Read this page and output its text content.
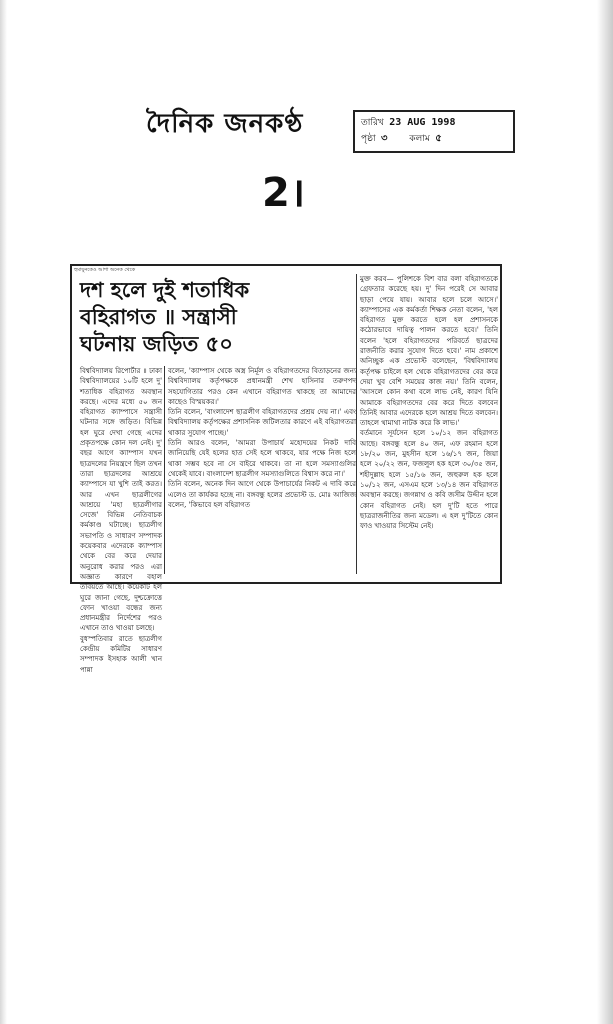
দৈনিক জনকণ্ঠ	তারিখ 23 AUG 1998
পৃষ্ঠা ৩ কলাম ৫
2।
হুমায়ুনকেও আশা অনেক থেকে
দশ হলে দুই শতাধিক
বহিরাগত ॥ সন্ত্রাসী
ঘটনায় জড়িত ৫০
বিশ্ববিদ্যালয় রিপোর্টার ॥ ঢাকা বিশ্ববিদ্যালয়ের ১০টি হলে দু' শতাধিক বহিরাগত অবস্থান করছে। এদের মধ্যে ৫০ জন বহিরাগত ক্যাম্পাসে সন্ত্রাসী ঘটনার সঙ্গে জড়িত। বিভিন্ন হল ঘুরে দেখা গেছে এদের প্রকৃতপক্ষে কোন দল নেই। দু' বছর আগে ক্যাম্পাস যখন ছাত্রদলের নিয়ন্ত্রণে ছিল তখন তারা ছাত্রদলের আশ্রয়ে ক্যাম্পাসে যা খুশি তাই করত। আর এখন ছাত্রলীগের আশ্রয়ে 'মহা ছাত্রলীগার সেজে' বিভিন্ন নেতিবাচক কর্মকাণ্ড ঘটাচ্ছে। ছাত্রলীগ সভাপতি ও সাধারণ সম্পাদক কয়েকবার এদেরকে ক্যাম্পাস থেকে বের করে দেয়ার অনুরোধ করার পরও এরা অজ্ঞাত কারণে বহাল তবিয়তে আছে। কয়েকটি হল ঘুরে জানা গেছে, দুশ্চক্রোত্তে ফোন খাওয়া বন্ধের জন্য প্রধানমন্ত্রীর নির্দেশের পরও এখানে তাও খাওয়া চলছে।
বুধস্পতিবার রাতে ছাত্রলীগ কেন্দ্রীয় কমিটির সাধারণ সম্পাদক ইসহাক আলী খান পান্না
বলেন, 'ক্যাম্পাস থেকে অস্ত্র নির্মূল ও বহিরাগতদের বিতাড়নের জন্য বিশ্ববিদ্যালয় কর্তৃপক্ষকে প্রধানমন্ত্রী শেখ হাসিনার তরুণপদ সহযোগিতার পরও কেন এখানে বহিরাগত থাকছে তা আমাদের কাছেও বিস্ময়কর।'
তিনি বলেন, 'বাংলাদেশ ছাত্রলীগ বহিরাগতদের প্রশ্রয় দেয় না।' এবং বিশ্ববিদ্যালয় কর্তৃপক্ষের প্রশাসনিক জটিলতার কারণে এই বহিরাগতরা থাকার সুযোগ পাচ্ছে।'
তিনি আরও বলেন, 'আমরা উপাচার্য মহোদয়ের নিকট দাবি জানিয়েছি যেই হলের হাত সেই হলে থাকবে, যার পক্ষে নিজ হলে থাকা সম্ভব হবে না সে বাইরে থাকবে। তা না হলে সমস্যাগুলির থেকেই যাবে। বাংলাদেশ ছাত্রলীগ সমস্যাগুলিতে বিশ্বাস করে না।'
তিনি বলেন, অনেক দিন আগে থেকে উপাচার্যের নিকট এ দাবি করে এলেও তা কার্যকর হচ্ছে না। বঙ্গবন্ধু হলের প্রভোস্ট ড. মোঃ আজিজ বলেন, 'কিভাবে হল বহিরাগত
মুক্ত করব— পুলিশকে বিশ বার বলা বহিরাগতকে গ্রেফতার করেছে হয়। দু' দিন পরেই সে আবার ছাড়া পেয়ে যায়। আবার হলে চলে আসে।' ক্যাম্পাসের এক কর্মকর্তা শিক্ষক নেতা বলেন, 'হল বহিরাগত মুক্ত করতে হলে হল প্রশাসনকে কঠোরভাবে দায়িত্ব পালন করতে হবে।' তিনি বলেন 'হলে বহিরাগতদের পরিবর্তে ছাত্রদের রাজনীতি করার সুযোগ দিতে হবে।' নাম প্রকাশে অনিচ্ছুক এক প্রভোস্ট বলেছেন, 'বিশ্ববিদ্যালয় কর্তৃপক্ষ চাইলে হল থেকে বহিরাগতদের বের করে দেয়া খুব বেশি সময়ের কাজ নয়।' তিনি বলেন, 'আসলে কোন কথা বলে লাভ নেই, কারণ যিনি আমাকে বহিরাগতদের বের করে দিতে বলবেন তিনিই আবার এদেরকে হলে আশ্রয় দিতে বলবেন। তাহলে থামাথা নাটক করে কি লাভ।'
বর্তমানে সূর্যসেন হলে ১০/১২ জন বহিরাগত আছে। বঙ্গবন্ধু হলে ৪০ জন, এফ রহমান হলে ১৮/২০ জন, মুহসীন হলে ১৬/১৭ জন, জিয়া হলে ২০/২২ জন, ফজলুল হক হলে ৩০/৩৫ জন, শহীদুল্লাহ হলে ১৫/১৬ জন, জহুরুল হক হলে ১০/১২ জন, এসএম হলে ১৩/১৪ জন বহিরাগত অবস্থান করছে। জগন্নাথ ও কবি জসীম উদ্দীন হলে কোন বহিরাগত নেই। হল দু'টি হতে পারে ছাত্ররাজনীতির জন্য মডেল। এ হল দু'টিতে কোন ফাও খাওয়ার সিস্টেম নেই।
